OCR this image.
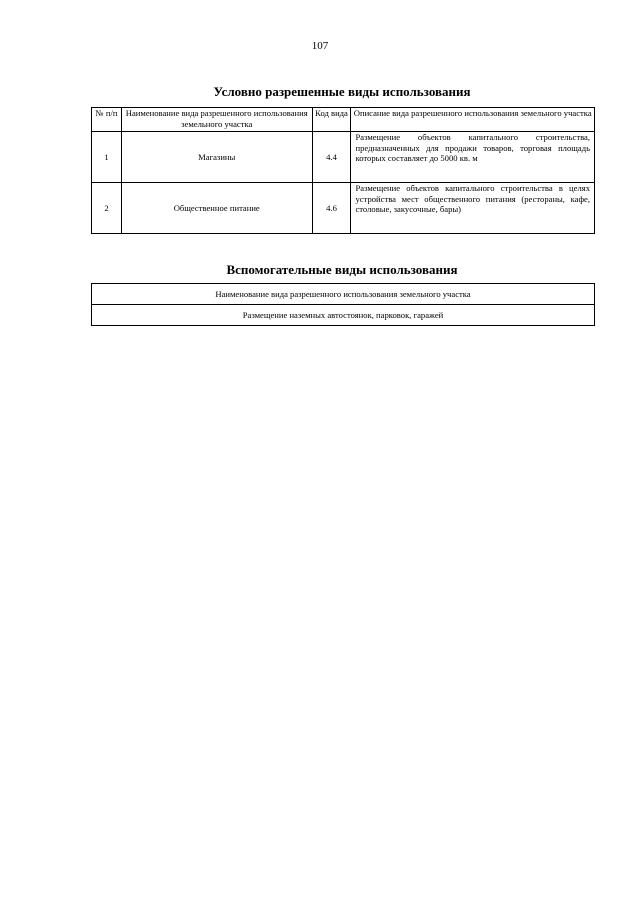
107
Условно разрешенные виды использования
№ п/п	Наименование вида разрешенного использования земельного участка	Код вида	Описание вида разрешенного использования земельного участка
1	Магазины	4.4	Размещение объектов капитального строительства, предназначенных для продажи товаров, торговая площадь которых составляет до 5000 кв. м
2	Общественное питание	4.6	Размещение объектов капитального строительства в целях устройства мест общественного питания (рестораны, кафе, столовые, закусочные, бары)
Вспомогательные виды использования
Наименование вида разрешенного использования земельного участка
Размещение наземных автостоянок, парковок, гаражей
